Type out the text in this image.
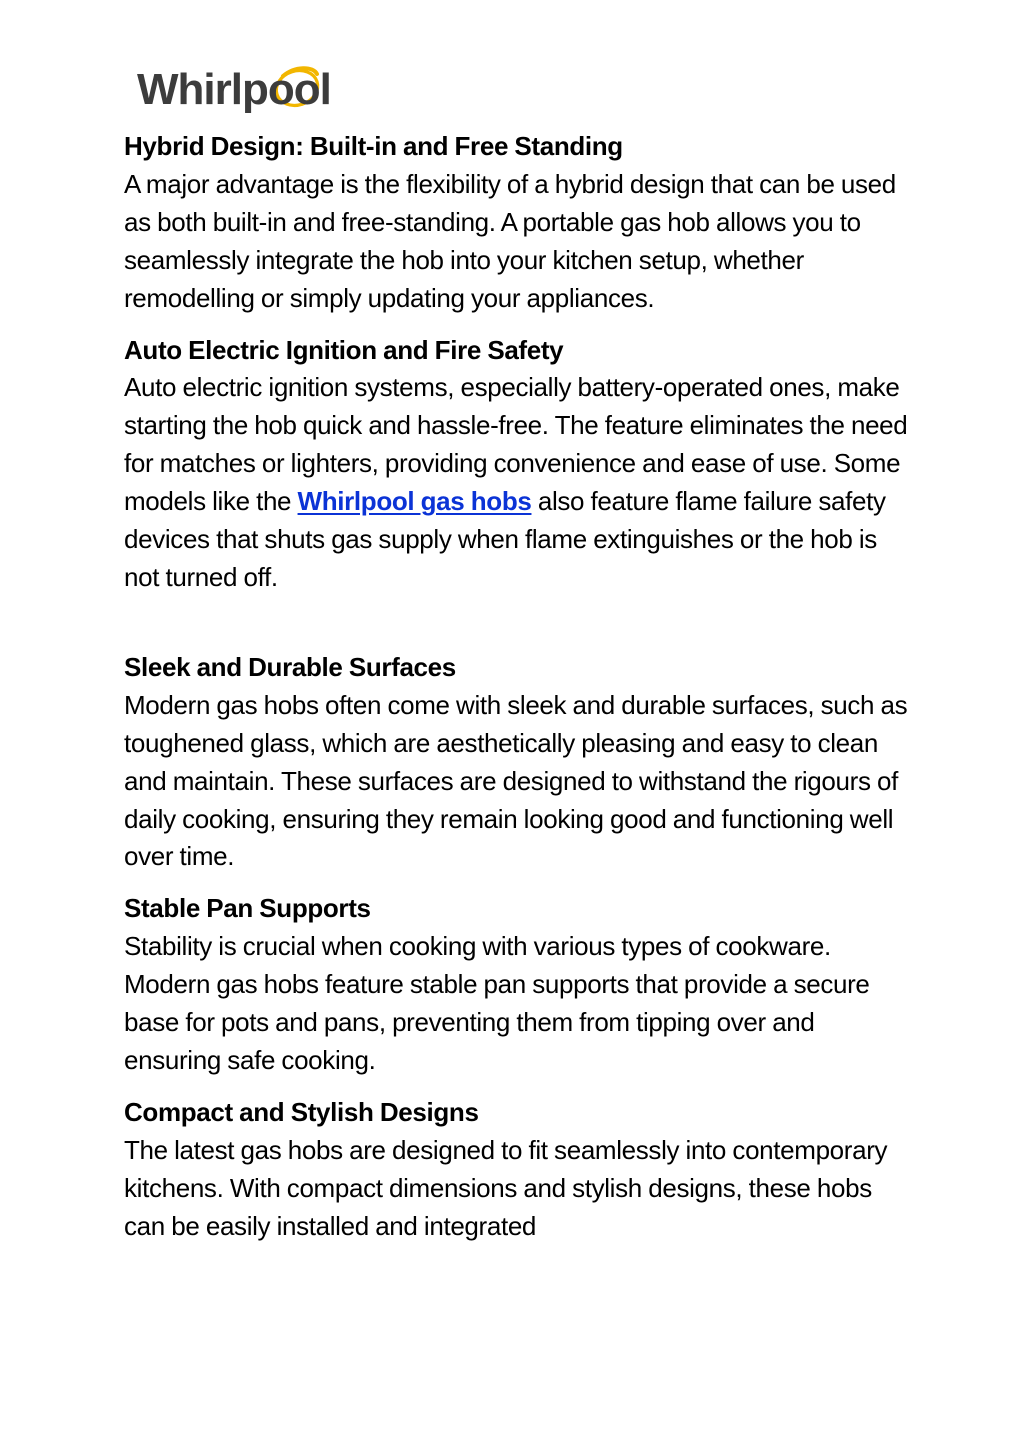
Whirlpool

Hybrid Design: Built-in and Free Standing
A major advantage is the flexibility of a hybrid design that can be used as both built-in and free-standing. A portable gas hob allows you to seamlessly integrate the hob into your kitchen setup, whether remodelling or simply updating your appliances.

Auto Electric Ignition and Fire Safety
Auto electric ignition systems, especially battery-operated ones, make starting the hob quick and hassle-free. The feature eliminates the need for matches or lighters, providing convenience and ease of use. Some models like the Whirlpool gas hobs also feature flame failure safety devices that shuts gas supply when flame extinguishes or the hob is not turned off.

Sleek and Durable Surfaces
Modern gas hobs often come with sleek and durable surfaces, such as toughened glass, which are aesthetically pleasing and easy to clean and maintain. These surfaces are designed to withstand the rigours of daily cooking, ensuring they remain looking good and functioning well over time.

Stable Pan Supports
Stability is crucial when cooking with various types of cookware. Modern gas hobs feature stable pan supports that provide a secure base for pots and pans, preventing them from tipping over and ensuring safe cooking.

Compact and Stylish Designs
The latest gas hobs are designed to fit seamlessly into contemporary kitchens. With compact dimensions and stylish designs, these hobs can be easily installed and integrated
